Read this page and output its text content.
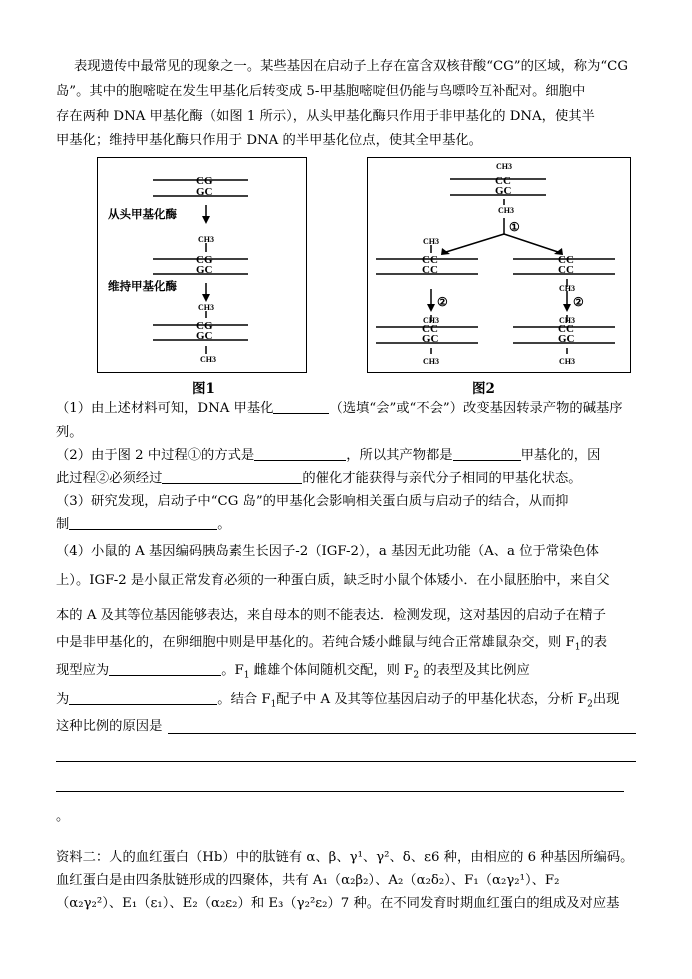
表现遗传中最常见的现象之一。某些基因在启动子上存在富含双核苷酸“CG”的区域，称为“CG
岛”。其中的胞嘧啶在发生甲基化后转变成 5-甲基胞嘧啶但仍能与鸟嘌呤互补配对。细胞中
存在两种 DNA 甲基化酶（如图 1 所示），从头甲基化酶只作用于非甲基化的 DNA，使其半
甲基化；维持甲基化酶只作用于 DNA 的半甲基化位点，使其全甲基化。
CG
GC
从头甲基化酶
CH3
CG
GC
维持甲基化酶
CH3
CG
GC
CH3
图1
CH3
CC
GC
CH3
①
CH3
CC
CC
CC
CC
CH3
②	②
CH3
CC
GC
CH3
CH3
CC
GC
CH3
图2
（1）由上述材料可知，DNA 甲基化	（选填“会”或“不会”）改变基因转录产物的碱基序
列。
（2）由于图 2 中过程①的方式是	，所以其产物都是	甲基化的，因
此过程②必须经过	的催化才能获得与亲代分子相同的甲基化状态。
（3）研究发现，启动子中“CG 岛”的甲基化会影响相关蛋白质与启动子的结合，从而抑
制	。
（4）小鼠的 A 基因编码胰岛素生长因子-2（IGF-2），a 基因无此功能（A、a 位于常染色体
上）。IGF-2 是小鼠正常发育必须的一种蛋白质，缺乏时小鼠个体矮小．在小鼠胚胎中，来自父
本的 A 及其等位基因能够表达，来自母本的则不能表达．检测发现，这对基因的启动子在精子
中是非甲基化的，在卵细胞中则是甲基化的。若纯合矮小雌鼠与纯合正常雄鼠杂交，则 $F_1$的表
现型应为	。$F_1$ 雌雄个体间随机交配，则 $F_2$ 的表型及其比例应
为	。结合 $F_1$配子中 A 及其等位基因启动子的甲基化状态，分析 $F_2$出现
这种比例的原因是
。
资料二：人的血红蛋白（Hb）中的肽链有 α、β、γ¹、γ²、δ、ε6 种，由相应的 6 种基因所编码。
血红蛋白是由四条肽链形成的四聚体，共有 A₁（α₂β₂）、A₂（α₂δ₂）、F₁（α₂γ₂¹）、F₂
（α₂γ₂²）、E₁（ε₁）、E₂（α₂ε₂）和 E₃（γ₂²ε₂）7 种。在不同发育时期血红蛋白的组成及对应基
